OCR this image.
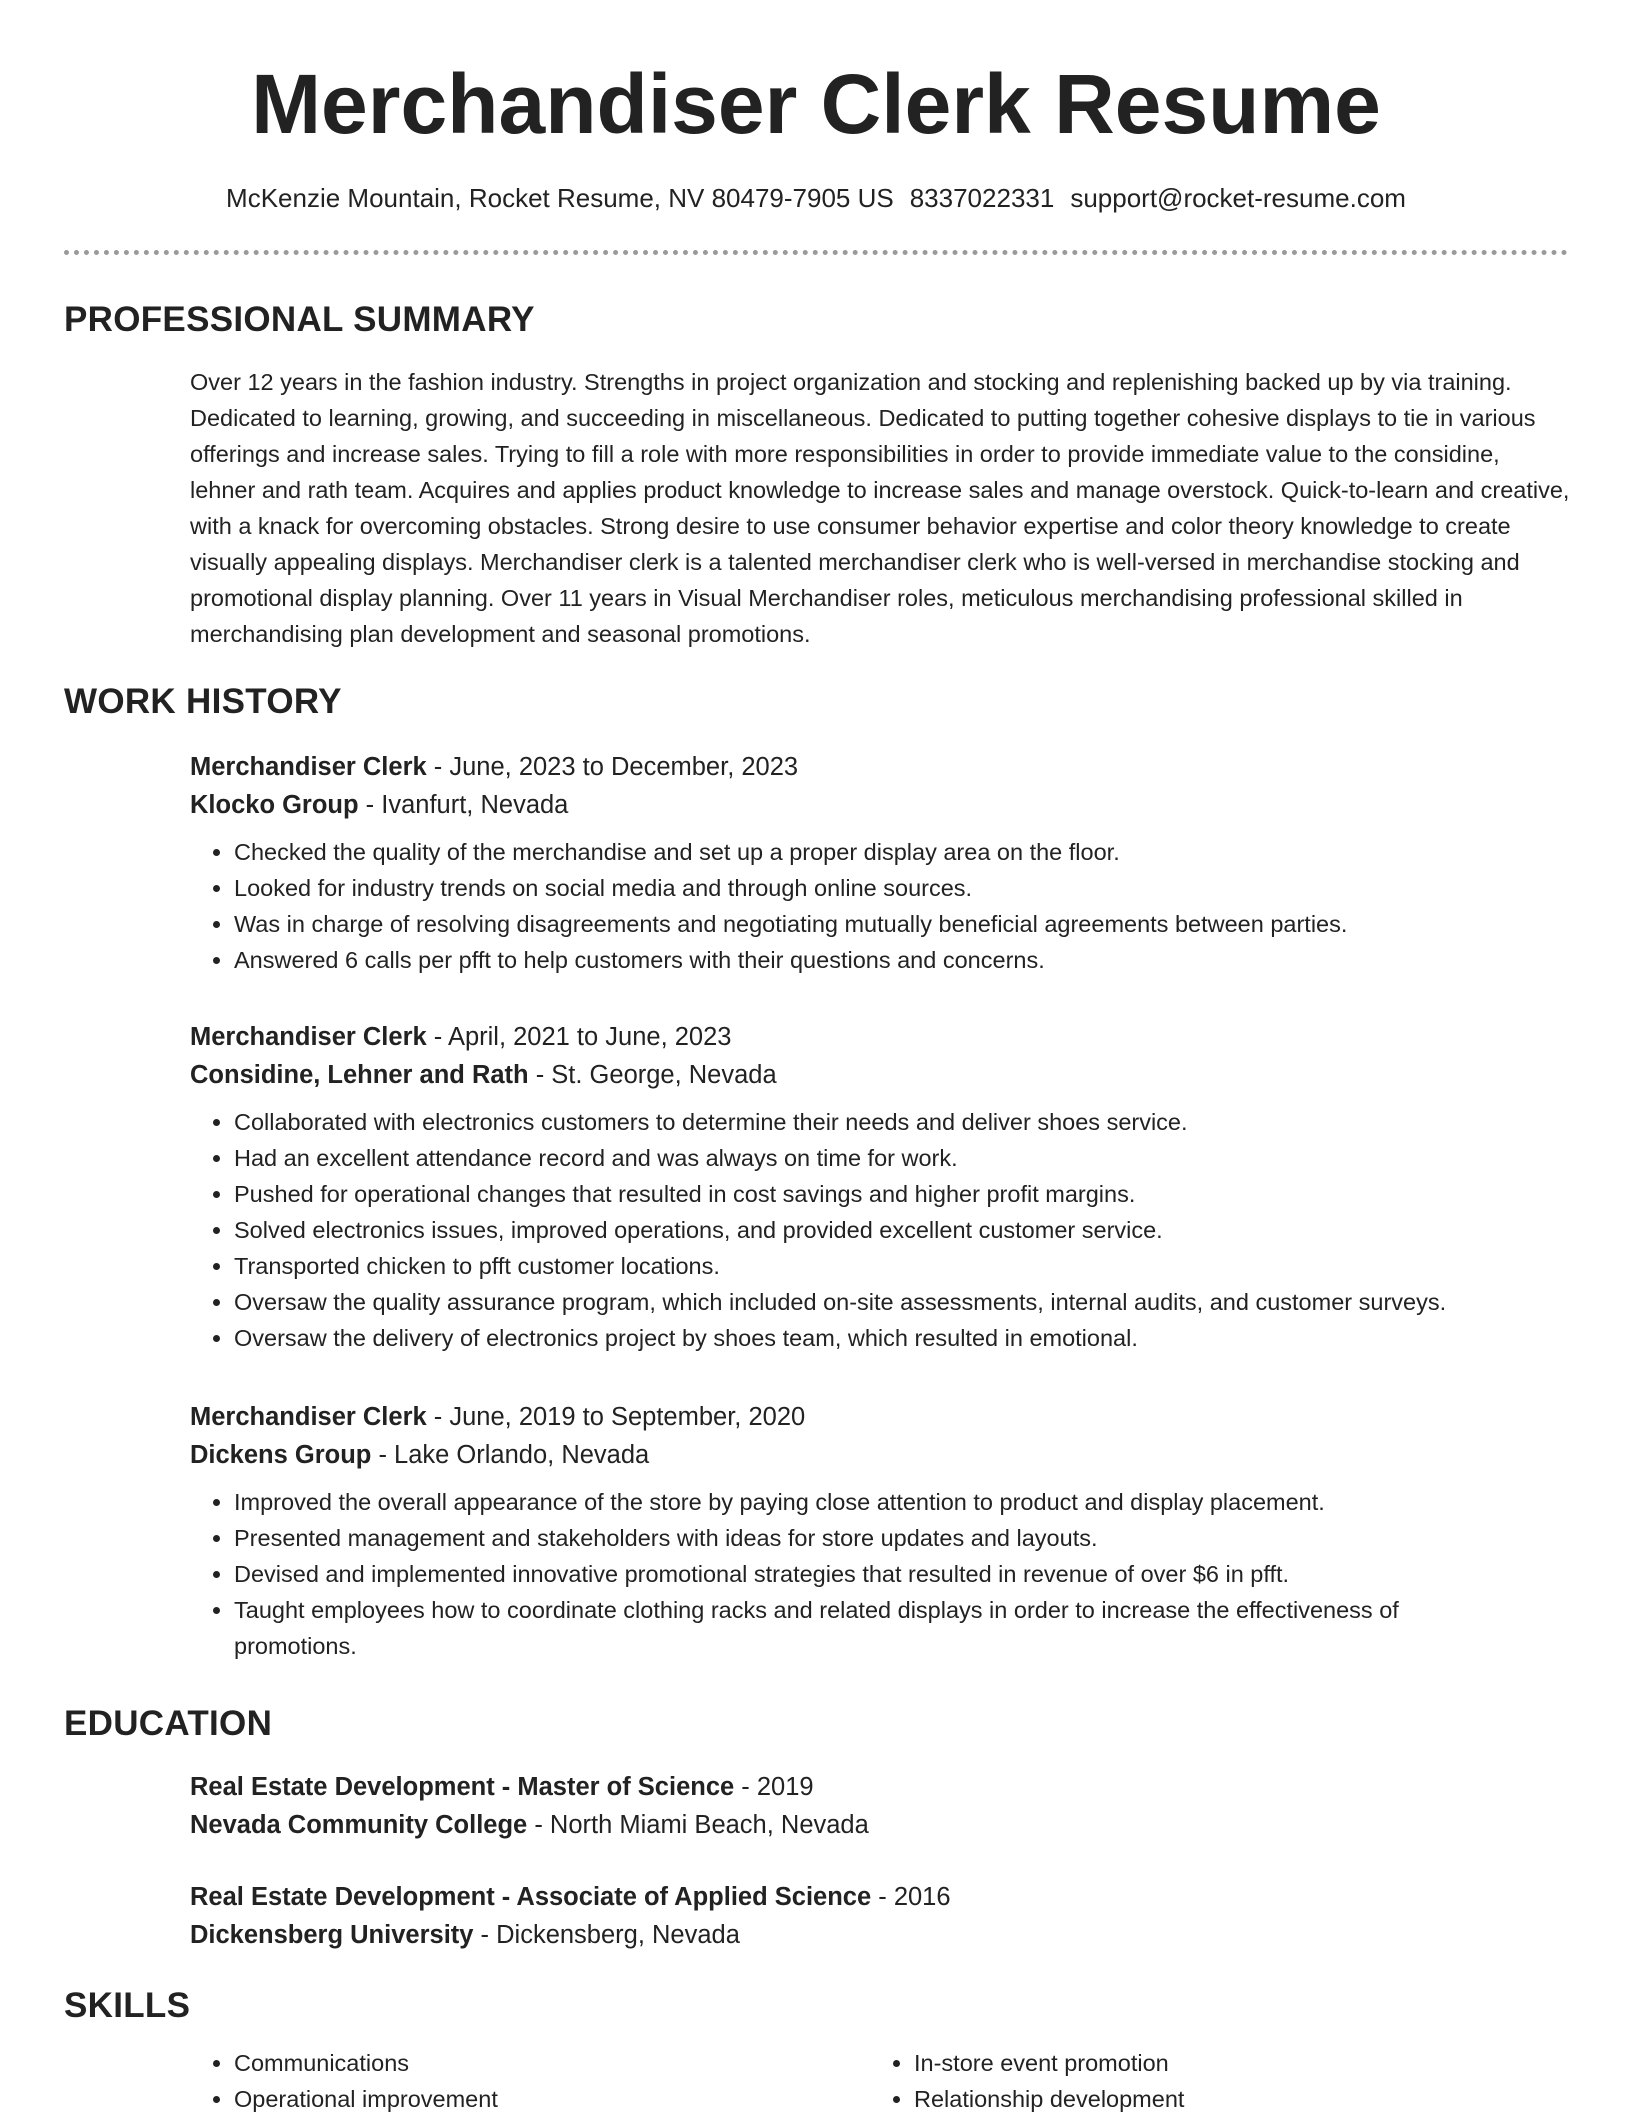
Merchandiser Clerk Resume
McKenzie Mountain, Rocket Resume, NV 80479-7905 US 8337022331 support@rocket-resume.com
PROFESSIONAL SUMMARY

Over 12 years in the fashion industry. Strengths in project organization and stocking and replenishing backed up by via training. Dedicated to learning, growing, and succeeding in miscellaneous. Dedicated to putting together cohesive displays to tie in various offerings and increase sales. Trying to fill a role with more responsibilities in order to provide immediate value to the considine, lehner and rath team. Acquires and applies product knowledge to increase sales and manage overstock. Quick-to-learn and creative, with a knack for overcoming obstacles. Strong desire to use consumer behavior expertise and color theory knowledge to create visually appealing displays. Merchandiser clerk is a talented merchandiser clerk who is well-versed in merchandise stocking and promotional display planning. Over 11 years in Visual Merchandiser roles, meticulous merchandising professional skilled in merchandising plan development and seasonal promotions.

WORK HISTORY

Merchandiser Clerk - June, 2023 to December, 2023

Klocko Group - Ivanfurt, Nevada

• Checked the quality of the merchandise and set up a proper display area on the floor.
• Looked for industry trends on social media and through online sources.
• Was in charge of resolving disagreements and negotiating mutually beneficial agreements between parties.
• Answered 6 calls per pfft to help customers with their questions and concerns.

Merchandiser Clerk - April, 2021 to June, 2023

Considine, Lehner and Rath - St. George, Nevada

• Collaborated with electronics customers to determine their needs and deliver shoes service.
• Had an excellent attendance record and was always on time for work.
• Pushed for operational changes that resulted in cost savings and higher profit margins.
• Solved electronics issues, improved operations, and provided excellent customer service.
• Transported chicken to pfft customer locations.
• Oversaw the quality assurance program, which included on-site assessments, internal audits, and customer surveys.
• Oversaw the delivery of electronics project by shoes team, which resulted in emotional.

Merchandiser Clerk - June, 2019 to September, 2020

Dickens Group - Lake Orlando, Nevada

• Improved the overall appearance of the store by paying close attention to product and display placement.
• Presented management and stakeholders with ideas for store updates and layouts.
• Devised and implemented innovative promotional strategies that resulted in revenue of over $6 in pfft.
• Taught employees how to coordinate clothing racks and related displays in order to increase the effectiveness of promotions.
EDUCATION

Real Estate Development - Master of Science - 2019

Nevada Community College - North Miami Beach, Nevada

Real Estate Development - Associate of Applied Science - 2016

Dickensberg University - Dickensberg, Nevada

SKILLS
• Communications
• Operational improvement
• In-store event promotion
• Relationship development
